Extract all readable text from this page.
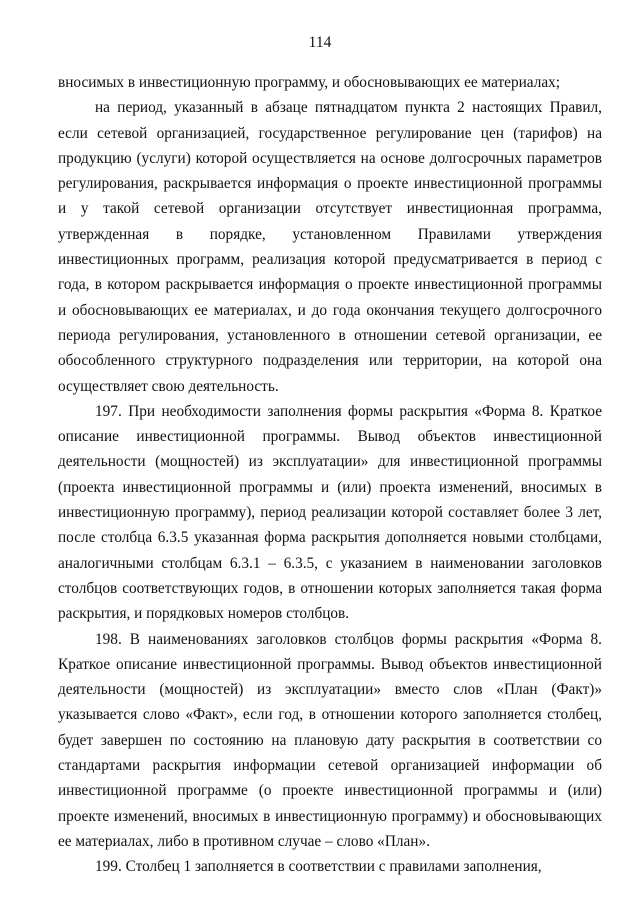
114

вносимых в инвестиционную программу, и обосновывающих ее материалах;

на период, указанный в абзаце пятнадцатом пункта 2 настоящих Правил, если сетевой организацией, государственное регулирование цен (тарифов) на продукцию (услуги) которой осуществляется на основе долгосрочных параметров регулирования, раскрывается информация о проекте инвестиционной программы и у такой сетевой организации отсутствует инвестиционная программа, утвержденная в порядке, установленном Правилами утверждения инвестиционных программ, реализация которой предусматривается в период с года, в котором раскрывается информация о проекте инвестиционной программы и обосновывающих ее материалах, и до года окончания текущего долгосрочного периода регулирования, установленного в отношении сетевой организации, ее обособленного структурного подразделения или территории, на которой она осуществляет свою деятельность.

197. При необходимости заполнения формы раскрытия «Форма 8. Краткое описание инвестиционной программы. Вывод объектов инвестиционной деятельности (мощностей) из эксплуатации» для инвестиционной программы (проекта инвестиционной программы и (или) проекта изменений, вносимых в инвестиционную программу), период реализации которой составляет более 3 лет, после столбца 6.3.5 указанная форма раскрытия дополняется новыми столбцами, аналогичными столбцам 6.3.1 – 6.3.5, с указанием в наименовании заголовков столбцов соответствующих годов, в отношении которых заполняется такая форма раскрытия, и порядковых номеров столбцов.

198. В наименованиях заголовков столбцов формы раскрытия «Форма 8. Краткое описание инвестиционной программы. Вывод объектов инвестиционной деятельности (мощностей) из эксплуатации» вместо слов «План (Факт)» указывается слово «Факт», если год, в отношении которого заполняется столбец, будет завершен по состоянию на плановую дату раскрытия в соответствии со стандартами раскрытия информации сетевой организацией информации об инвестиционной программе (о проекте инвестиционной программы и (или) проекте изменений, вносимых в инвестиционную программу) и обосновывающих ее материалах, либо в противном случае – слово «План».

199. Столбец 1 заполняется в соответствии с правилами заполнения,
